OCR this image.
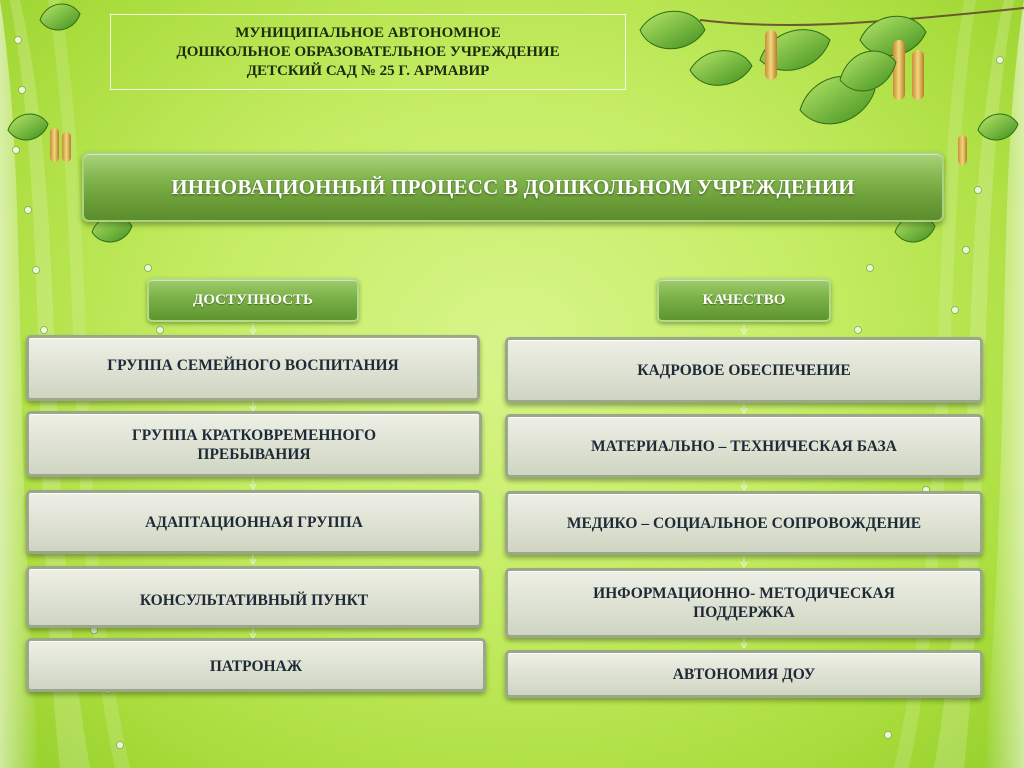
МУНИЦИПАЛЬНОЕ АВТОНОМНОЕ
ДОШКОЛЬНОЕ ОБРАЗОВАТЕЛЬНОЕ УЧРЕЖДЕНИЕ
ДЕТСКИЙ САД № 25 Г. АРМАВИР
ИННОВАЦИОННЫЙ ПРОЦЕСС В ДОШКОЛЬНОМ УЧРЕЖДЕНИИ
ДОСТУПНОСТЬ	КАЧЕСТВО
ГРУППА СЕМЕЙНОГО ВОСПИТАНИЯ
ГРУППА КРАТКОВРЕМЕННОГО ПРЕБЫВАНИЯ
АДАПТАЦИОННАЯ ГРУППА
КОНСУЛЬТАТИВНЫЙ ПУНКТ
ПАТРОНАЖ
КАДРОВОЕ ОБЕСПЕЧЕНИЕ
МАТЕРИАЛЬНО – ТЕХНИЧЕСКАЯ БАЗА
МЕДИКО – СОЦИАЛЬНОЕ СОПРОВОЖДЕНИЕ
ИНФОРМАЦИОННО- МЕТОДИЧЕСКАЯ ПОДДЕРЖКА
АВТОНОМИЯ ДОУ
